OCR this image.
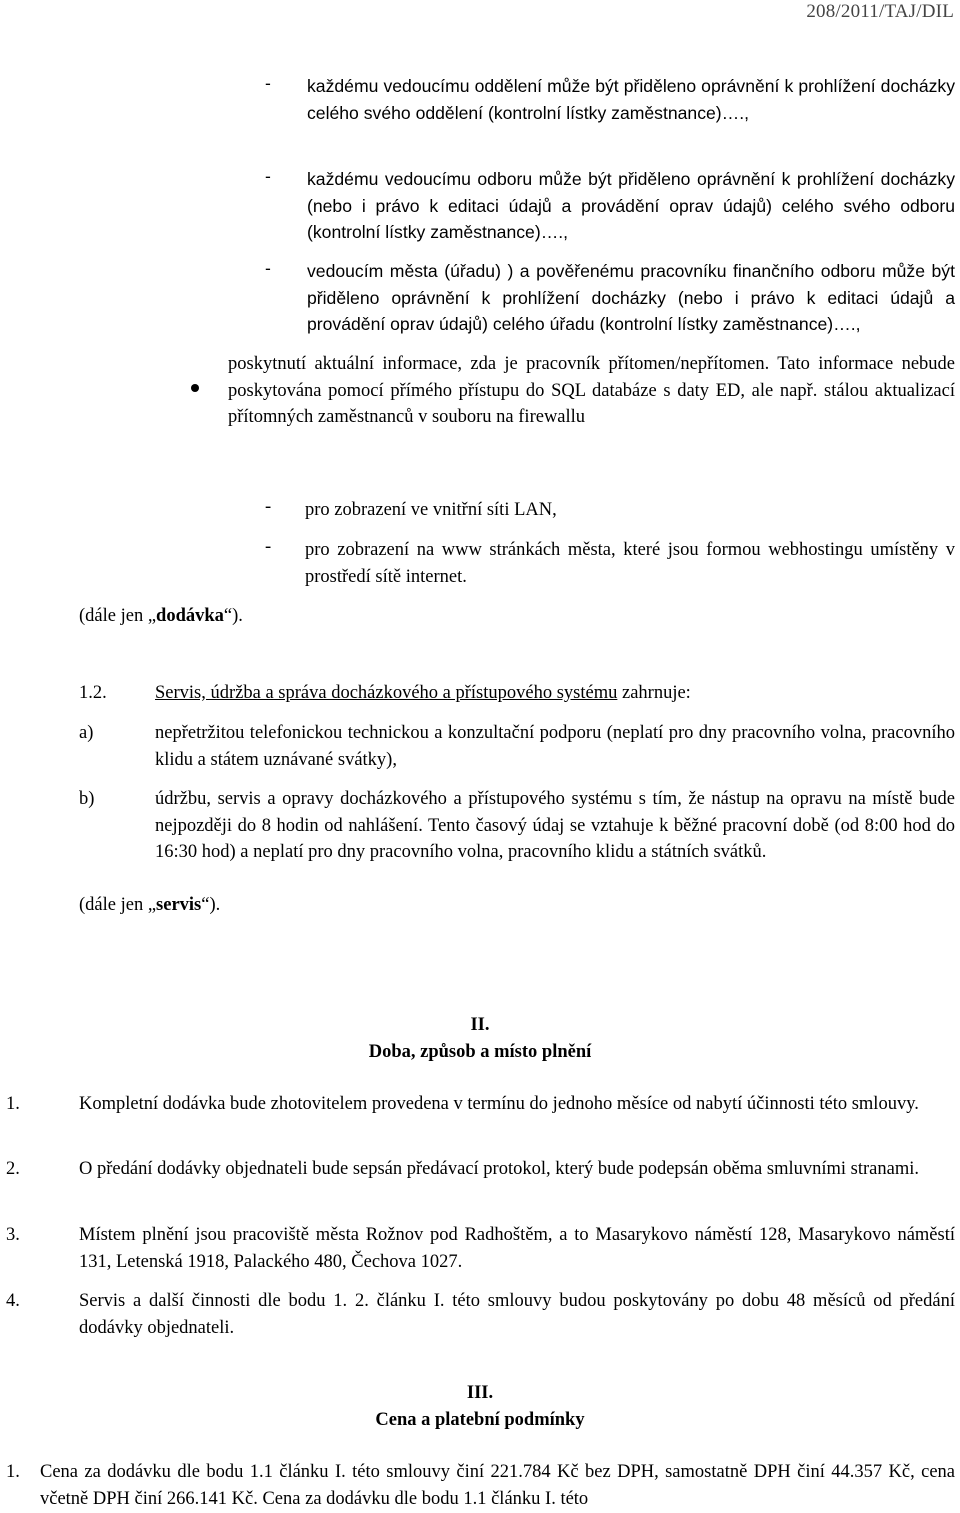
208/2011/TAJ/DIL
-	každému vedoucímu oddělení může být přiděleno oprávnění k prohlížení docházky celého svého oddělení (kontrolní lístky zaměstnance)….,
-	každému vedoucímu odboru může být přiděleno oprávnění k prohlížení docházky (nebo i právo k editaci údajů a provádění oprav údajů) celého svého odboru (kontrolní lístky zaměstnance)….,
-	vedoucím města (úřadu) ) a pověřenému pracovníku finančního odboru může být přiděleno oprávnění k prohlížení docházky (nebo i právo k editaci údajů a provádění oprav údajů) celého úřadu (kontrolní lístky zaměstnance)….,
poskytnutí aktuální informace, zda je pracovník přítomen/nepřítomen. Tato informace nebude poskytována pomocí přímého přístupu do SQL databáze s daty ED, ale např. stálou aktualizací přítomných zaměstnanců v souboru na firewallu
-	pro zobrazení ve vnitřní síti LAN,
-	pro zobrazení na www stránkách města, které jsou formou webhostingu umístěny v prostředí sítě internet.
(dále jen „dodávka“).
1.2.	Servis, údržba a správa docházkového a přístupového systému zahrnuje:
a)	nepřetržitou telefonickou technickou a konzultační podporu (neplatí pro dny pracovního volna, pracovního klidu a státem uznávané svátky),
b)	údržbu, servis a opravy docházkového a přístupového systému s tím, že nástup na opravu na místě bude nejpozději do 8 hodin od nahlášení. Tento časový údaj se vztahuje k běžné pracovní době (od 8:00 hod do 16:30 hod) a neplatí pro dny pracovního volna, pracovního klidu a státních svátků.
(dále jen „servis“).
II.
Doba, způsob a místo plnění
1.	Kompletní dodávka bude zhotovitelem provedena v termínu do jednoho měsíce od nabytí účinnosti této smlouvy.
2.	O předání dodávky objednateli bude sepsán předávací protokol, který bude podepsán oběma smluvními stranami.
3.	Místem plnění jsou pracoviště města Rožnov pod Radhoštěm, a to Masarykovo náměstí 128, Masarykovo náměstí 131, Letenská 1918, Palackého 480, Čechova 1027.
4.	Servis a další činnosti dle bodu 1. 2. článku I. této smlouvy budou poskytovány po dobu 48 měsíců od předání dodávky objednateli.
III.
Cena a platební podmínky
1. Cena za dodávku dle bodu 1.1 článku I. této smlouvy činí 221.784 Kč bez DPH, samostatně DPH činí 44.357 Kč, cena včetně DPH činí 266.141 Kč. Cena za dodávku dle bodu 1.1 článku I. této
